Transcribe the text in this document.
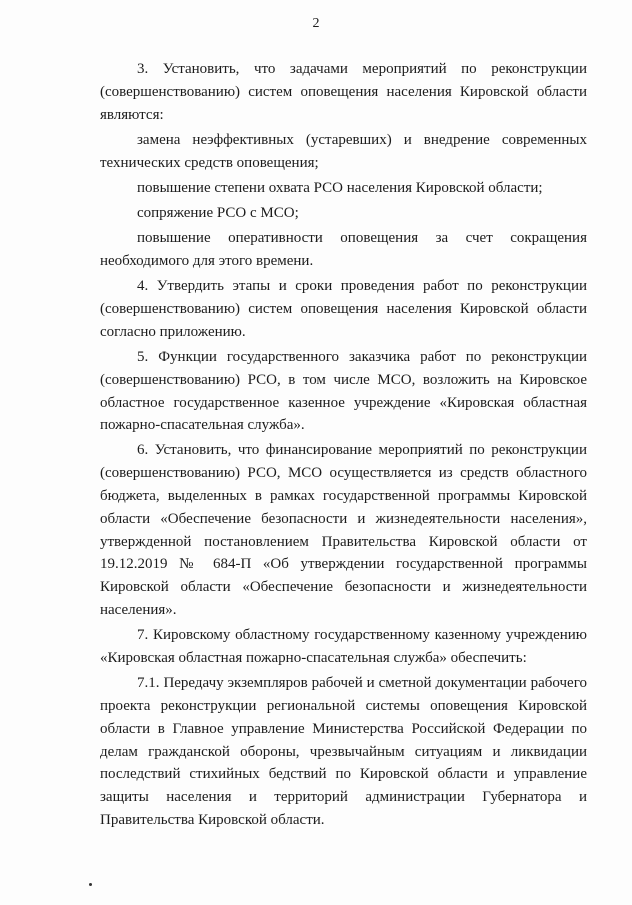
2

3. Установить, что задачами мероприятий по реконструкции (совершенствованию) систем оповещения населения Кировской области являются:

замена неэффективных (устаревших) и внедрение современных технических средств оповещения;

повышение степени охвата РСО населения Кировской области;

сопряжение РСО с МСО;

повышение оперативности оповещения за счет сокращения необходимого для этого времени.

4. Утвердить этапы и сроки проведения работ по реконструкции (совершенствованию) систем оповещения населения Кировской области согласно приложению.

5. Функции государственного заказчика работ по реконструкции (совершенствованию) РСО, в том числе МСО, возложить на Кировское областное государственное казенное учреждение «Кировская областная пожарно-спасательная служба».

6. Установить, что финансирование мероприятий по реконструкции (совершенствованию) РСО, МСО осуществляется из средств областного бюджета, выделенных в рамках государственной программы Кировской области «Обеспечение безопасности и жизнедеятельности населения», утвержденной постановлением Правительства Кировской области от 19.12.2019 № 684-П «Об утверждении государственной программы Кировской области «Обеспечение безопасности и жизнедеятельности населения».

7. Кировскому областному государственному казенному учреждению «Кировская областная пожарно-спасательная служба» обеспечить:

7.1. Передачу экземпляров рабочей и сметной документации рабочего проекта реконструкции региональной системы оповещения Кировской области в Главное управление Министерства Российской Федерации по делам гражданской обороны, чрезвычайным ситуациям и ликвидации последствий стихийных бедствий по Кировской области и управление защиты населения и территорий администрации Губернатора и Правительства Кировской области.
